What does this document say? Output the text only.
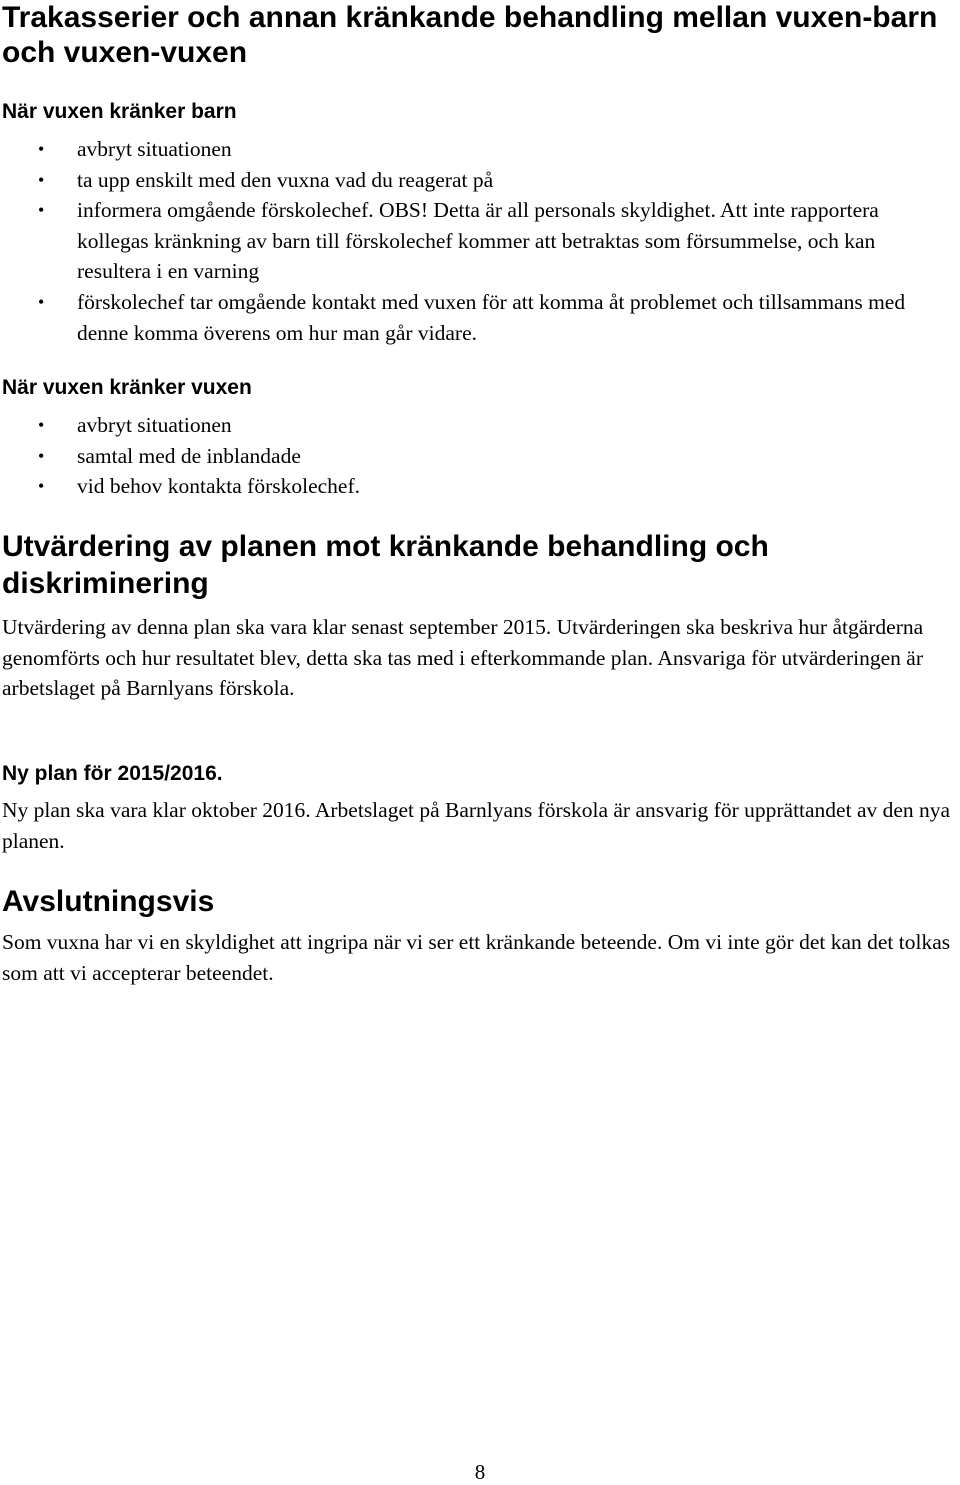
Trakasserier och annan kränkande behandling mellan vuxen-barn och vuxen-vuxen
När vuxen kränker barn
• avbryt situationen
• ta upp enskilt med den vuxna vad du reagerat på
• informera omgående förskolechef. OBS! Detta är all personals skyldighet. Att inte rapportera kollegas kränkning av barn till förskolechef kommer att betraktas som försummelse, och kan resultera i en varning
• förskolechef tar omgående kontakt med vuxen för att komma åt problemet och tillsammans med denne komma överens om hur man går vidare.
När vuxen kränker vuxen
• avbryt situationen
• samtal med de inblandade
• vid behov kontakta förskolechef.
Utvärdering av planen mot kränkande behandling och diskriminering

Utvärdering av denna plan ska vara klar senast september 2015. Utvärderingen ska beskriva hur åtgärderna genomförts och hur resultatet blev, detta ska tas med i efterkommande plan. Ansvariga för utvärderingen är arbetslaget på Barnlyans förskola.

Ny plan för 2015/2016.

Ny plan ska vara klar oktober 2016. Arbetslaget på Barnlyans förskola är ansvarig för upprättandet av den nya planen.

Avslutningsvis

Som vuxna har vi en skyldighet att ingripa när vi ser ett kränkande beteende. Om vi inte gör det kan det tolkas som att vi accepterar beteendet.

8
